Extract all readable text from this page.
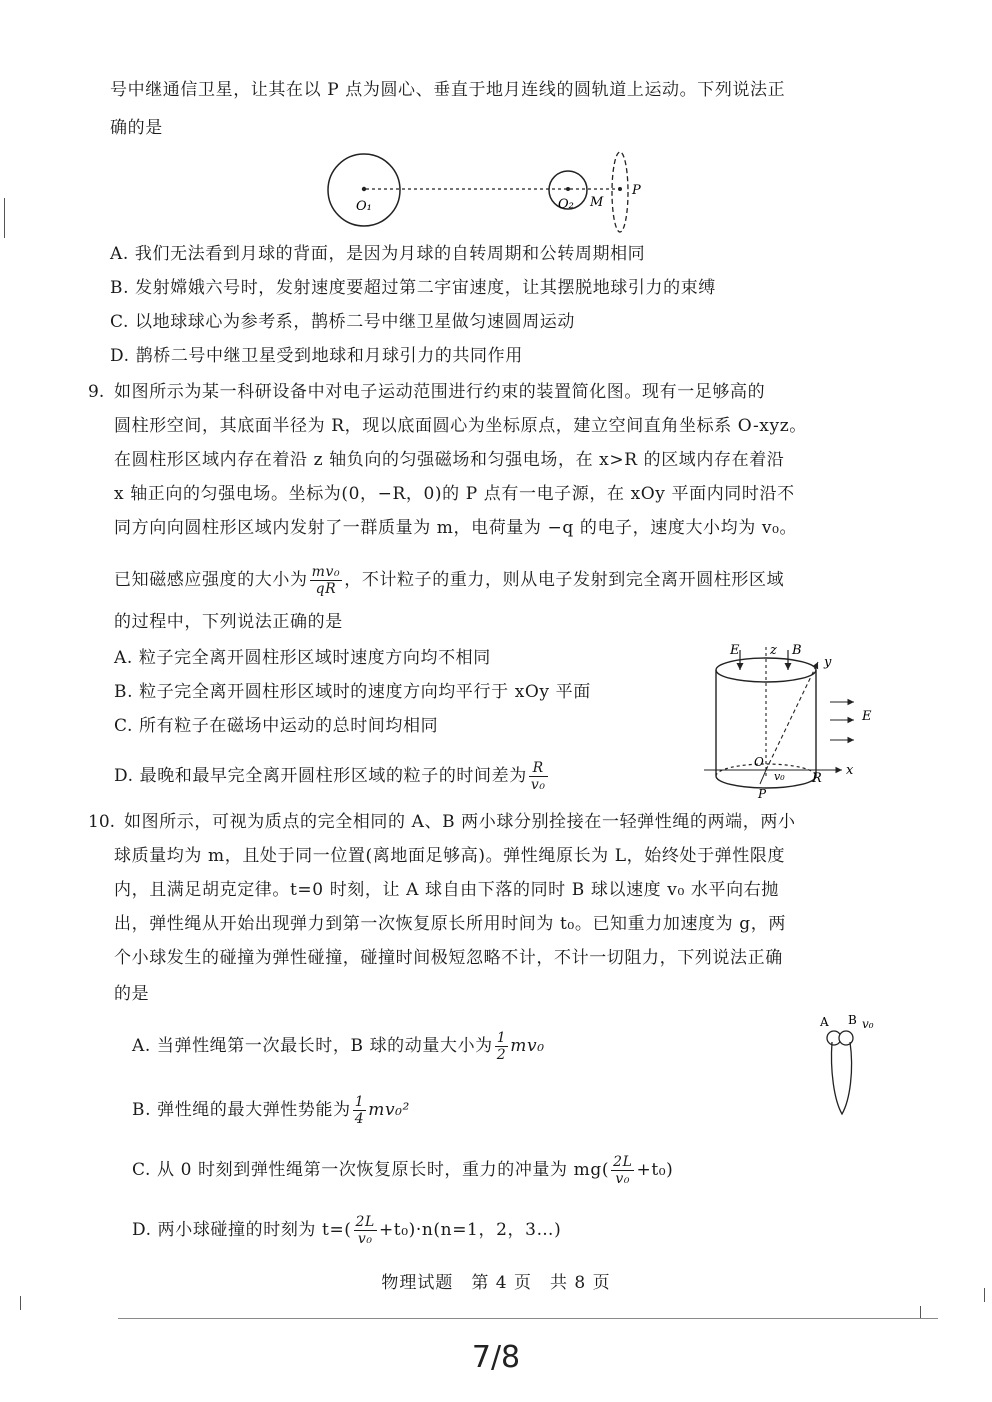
号中继通信卫星，让其在以 P 点为圆心、垂直于地月连线的圆轨道上运动。下列说法正
确的是
O₁	O₂ M
P
A. 我们无法看到月球的背面，是因为月球的自转周期和公转周期相同
B. 发射嫦娥六号时，发射速度要超过第二宇宙速度，让其摆脱地球引力的束缚
C. 以地球球心为参考系，鹊桥二号中继卫星做匀速圆周运动
D. 鹊桥二号中继卫星受到地球和月球引力的共同作用
9. 如图所示为某一科研设备中对电子运动范围进行约束的装置简化图。现有一足够高的
圆柱形空间，其底面半径为 R，现以底面圆心为坐标原点，建立空间直角坐标系 O-xyz。
在圆柱形区域内存在着沿 z 轴负向的匀强磁场和匀强电场，在 x>R 的区域内存在着沿
x 轴正向的匀强电场。坐标为(0，−R，0)的 P 点有一电子源，在 xOy 平面内同时沿不
同方向向圆柱形区域内发射了一群质量为 m，电荷量为 −q 的电子，速度大小均为 v₀。
已知磁感应强度的大小为 $\frac{\text{mv₀}}{qR}$ ，不计粒子的重力，则从电子发射到完全离开圆柱形区域
的过程中，下列说法正确的是
A. 粒子完全离开圆柱形区域时速度方向均不相同
B. 粒子完全离开圆柱形区域时的速度方向均平行于 xOy 平面
C. 所有粒子在磁场中运动的总时间均相同
D. 最晚和最早完全离开圆柱形区域的粒子的时间差为 $\frac{R}{\text{v₀}}$
E z B
y
E
O
v₀ R
x
P
10. 如图所示，可视为质点的完全相同的 A、B 两小球分别拴接在一轻弹性绳的两端，两小
球质量均为 m，且处于同一位置(离地面足够高)。弹性绳原长为 L，始终处于弹性限度
内，且满足胡克定律。t=0 时刻，让 A 球自由下落的同时 B 球以速度 v₀ 水平向右抛
出，弹性绳从开始出现弹力到第一次恢复原长所用时间为 t₀。已知重力加速度为 g，两
个小球发生的碰撞为弹性碰撞，碰撞时间极短忽略不计，不计一切阻力，下列说法正确
的是
A. 当弹性绳第一次最长时，B 球的动量大小为 $\frac{1}{2} mv_0$
B. 弹性绳的最大弹性势能为 $\frac{1}{4} mv_0^2$
C. 从 0 时刻到弹性绳第一次恢复原长时，重力的冲量为 $mg( \frac{2L}{\text{v₀}} +t_0)$
D. 两小球碰撞的时刻为 $t=( \frac{2L}{\text{v₀}} +t_0)\cdot n(n=1$，2，3…)
A B v₀
物理试题　第 4 页　共 8 页
7/8
